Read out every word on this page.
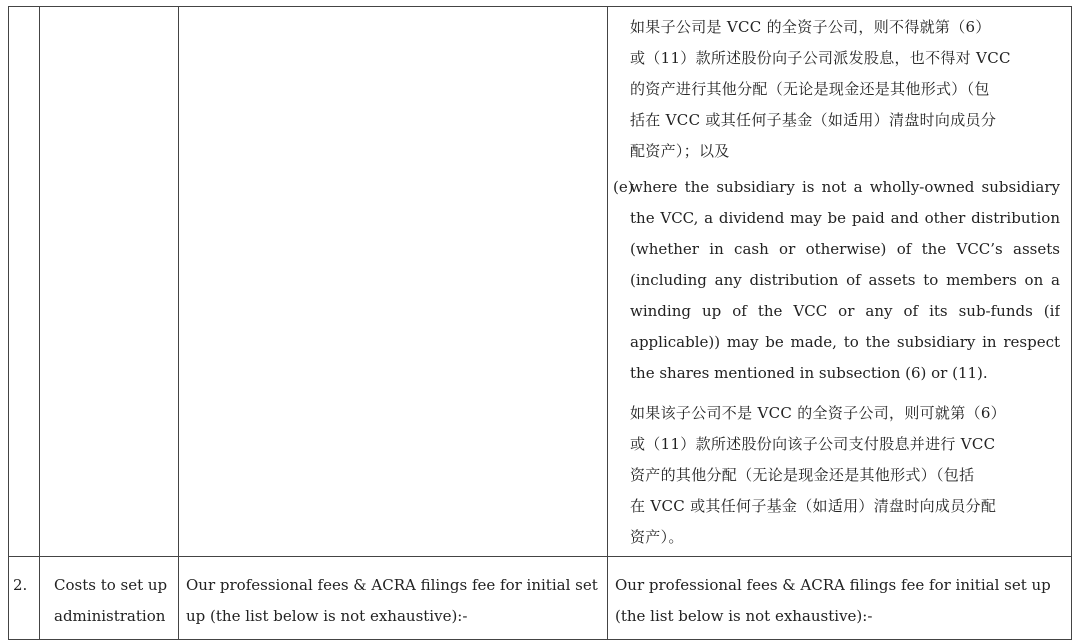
如果子公司是 VCC 的全资子公司，则不得就第（6）
或（11）款所述股份向子公司派发股息，也不得对 VCC
的资产进行其他分配（无论是现金还是其他形式）（包
括在 VCC 或其任何子基金（如适用）清盘时向成员分
配资产）；以及
(e)
where the subsidiary is not a wholly-owned subsidiary
the VCC, a dividend may be paid and other distribution
(whether in cash or otherwise) of the VCC’s assets
(including any distribution of assets to members on a
winding up of the VCC or any of its sub-funds (if
applicable)) may be made, to the subsidiary in respect
the shares mentioned in subsection (6) or (11).
如果该子公司不是 VCC 的全资子公司，则可就第（6）
或（11）款所述股份向该子公司支付股息并进行 VCC
资产的其他分配（无论是现金还是其他形式）（包括
在 VCC 或其任何子基金（如适用）清盘时向成员分配
资产）。
2. Costs to set up
administration
Our professional fees & ACRA filings fee for initial set
up (the list below is not exhaustive):-
Our professional fees & ACRA filings fee for initial set up
(the list below is not exhaustive):-
